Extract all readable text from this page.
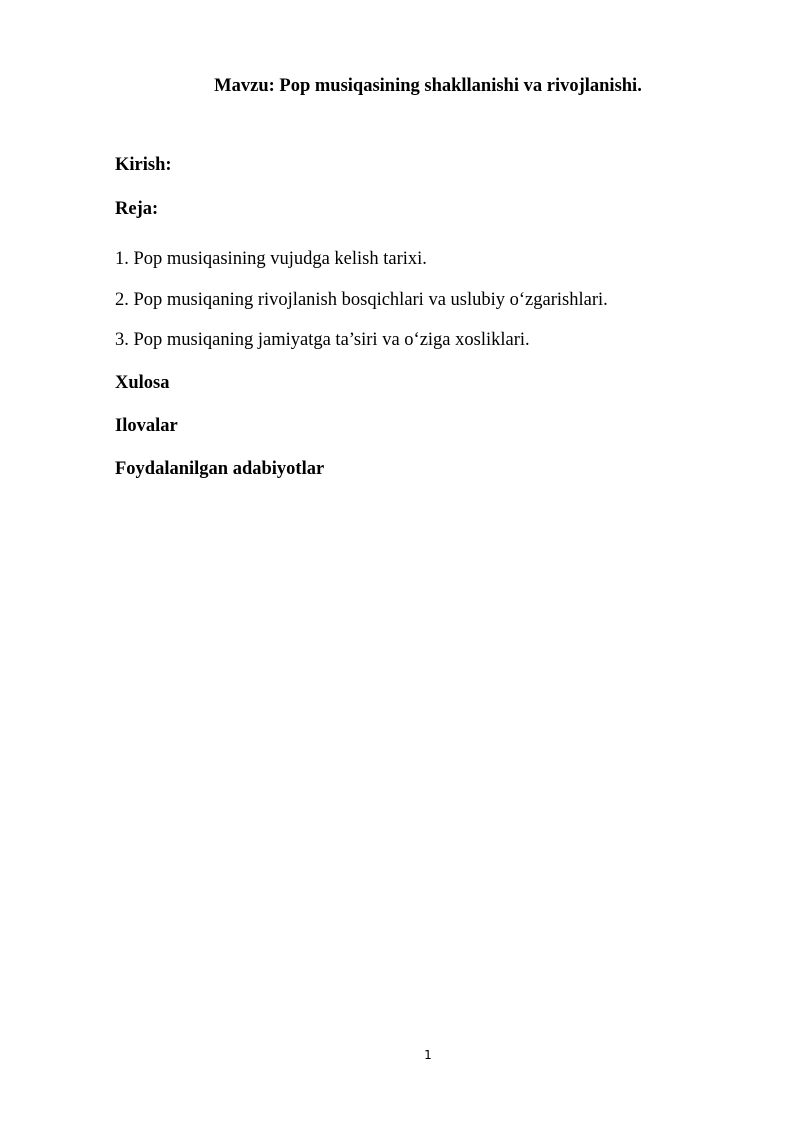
Mavzu: Pop musiqasining shakllanishi va rivojlanishi.
Kirish:
Reja:
1. Pop musiqasining vujudga kelish tarixi.
2. Pop musiqaning rivojlanish bosqichlari va uslubiy o‘zgarishlari.
3. Pop musiqaning jamiyatga ta’siri va o‘ziga xosliklari.
Xulosa
Ilovalar
Foydalanilgan adabiyotlar
1
